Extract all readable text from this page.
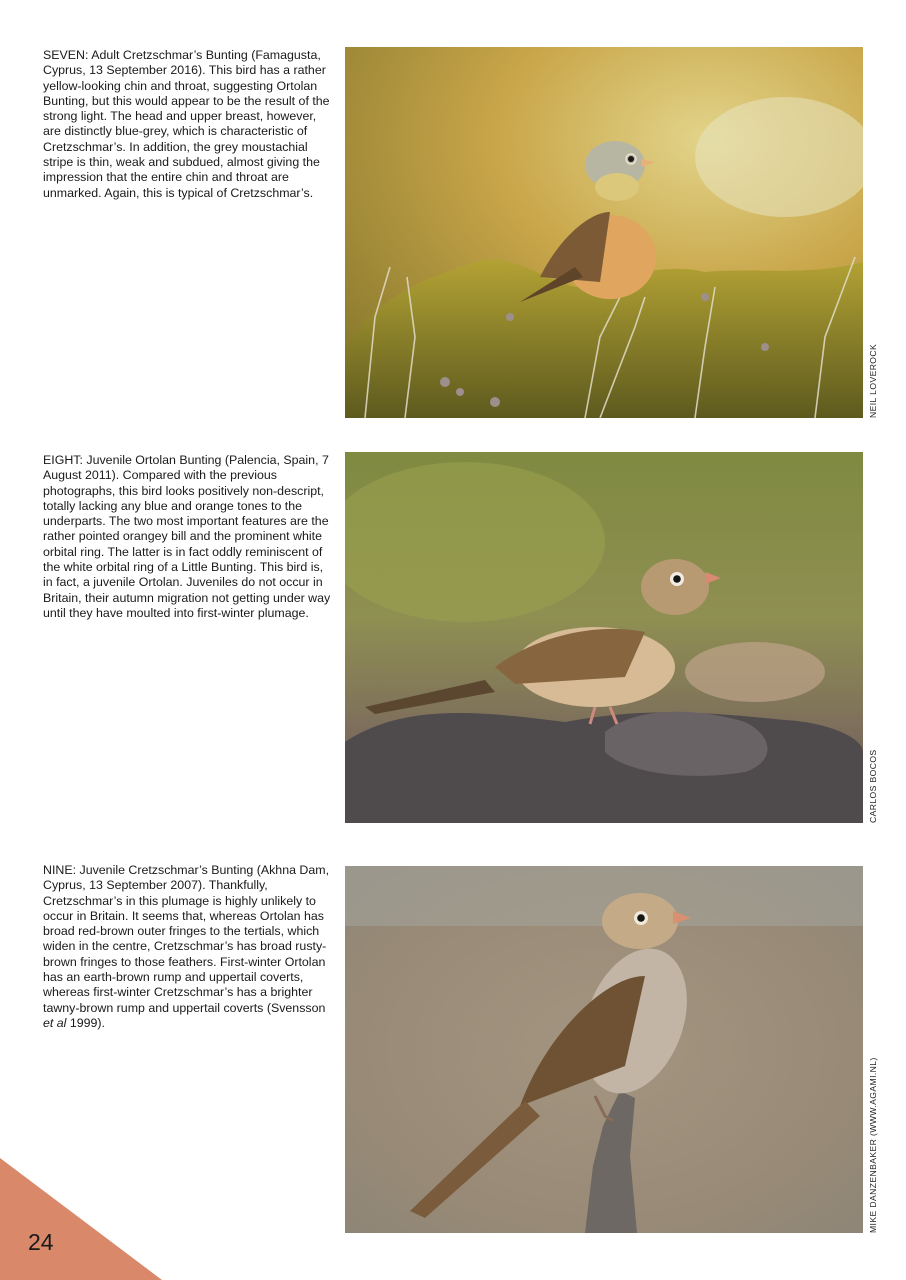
SEVEN: Adult Cretzschmar’s Bunting (Famagusta, Cyprus, 13 September 2016). This bird has a rather yellow-looking chin and throat, suggesting Ortolan Bunting, but this would appear to be the result of the strong light. The head and upper breast, however, are distinctly blue-grey, which is characteristic of Cretzschmar’s. In addition, the grey moustachial stripe is thin, weak and subdued, almost giving the impression that the entire chin and throat are unmarked. Again, this is typical of Cretzschmar’s.
NEIL LOVEROCK
EIGHT: Juvenile Ortolan Bunting (Palencia, Spain, 7 August 2011). Compared with the previous photographs, this bird looks positively non-descript, totally lacking any blue and orange tones to the underparts. The two most important features are the rather pointed orangey bill and the prominent white orbital ring. The latter is in fact oddly reminiscent of the white orbital ring of a Little Bunting. This bird is, in fact, a juvenile Ortolan. Juveniles do not occur in Britain, their autumn migration not getting under way until they have moulted into first-winter plumage.
CARLOS BOCOS
NINE: Juvenile Cretzschmar’s Bunting (Akhna Dam, Cyprus, 13 September 2007). Thankfully, Cretzschmar’s in this plumage is highly unlikely to occur in Britain. It seems that, whereas Ortolan has broad red-brown outer fringes to the tertials, which widen in the centre, Cretzschmar’s has broad rusty-brown fringes to those feathers. First-winter Ortolan has an earth-brown rump and uppertail coverts, whereas first-winter Cretzschmar’s has a brighter tawny-brown rump and uppertail coverts (Svensson et al 1999).
MIKE DANZENBAKER (WWW.AGAMI.NL)
24
